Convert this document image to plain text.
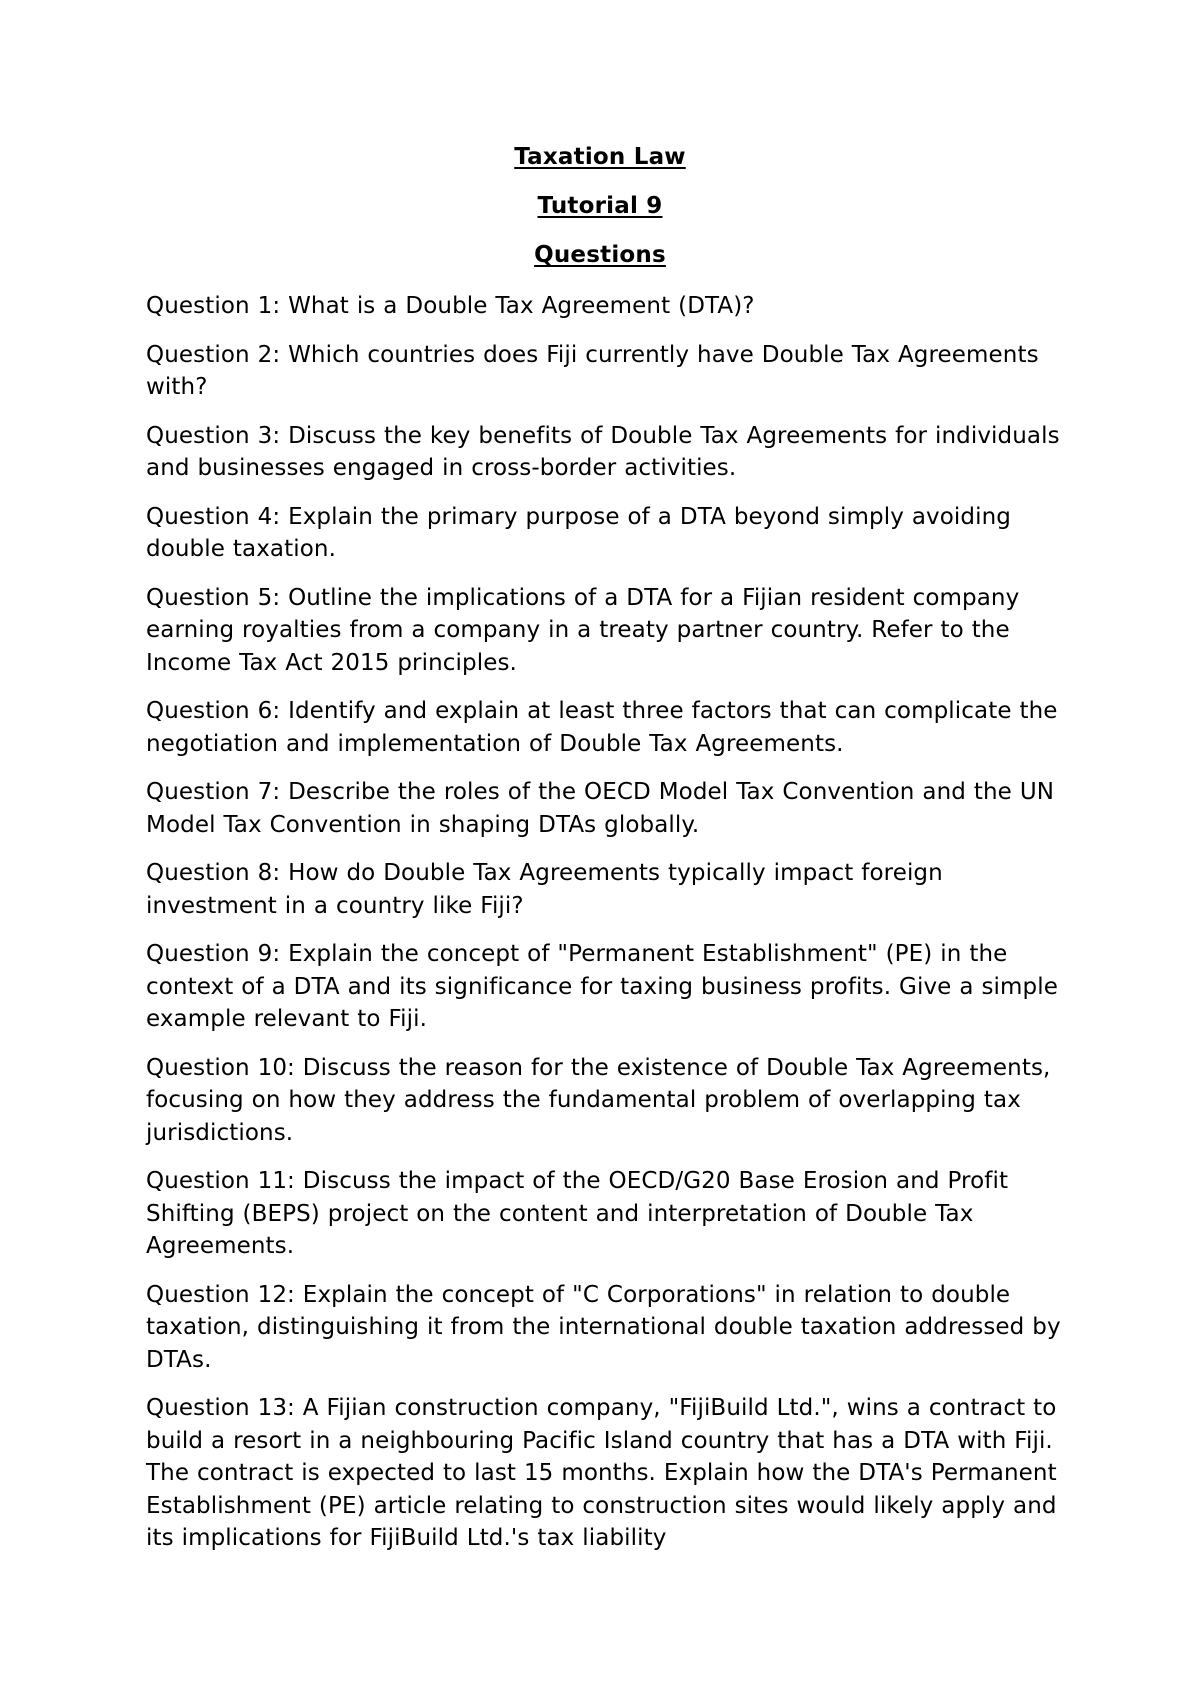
Taxation Law
Tutorial 9
Questions

Question 1: What is a Double Tax Agreement (DTA)?

Question 2: Which countries does Fiji currently have Double Tax Agreements with?

Question 3: Discuss the key benefits of Double Tax Agreements for individuals and businesses engaged in cross-border activities.

Question 4: Explain the primary purpose of a DTA beyond simply avoiding double taxation.

Question 5: Outline the implications of a DTA for a Fijian resident company earning royalties from a company in a treaty partner country. Refer to the Income Tax Act 2015 principles.

Question 6: Identify and explain at least three factors that can complicate the negotiation and implementation of Double Tax Agreements.

Question 7: Describe the roles of the OECD Model Tax Convention and the UN Model Tax Convention in shaping DTAs globally.

Question 8: How do Double Tax Agreements typically impact foreign investment in a country like Fiji?

Question 9: Explain the concept of "Permanent Establishment" (PE) in the context of a DTA and its significance for taxing business profits. Give a simple example relevant to Fiji.

Question 10: Discuss the reason for the existence of Double Tax Agreements, focusing on how they address the fundamental problem of overlapping tax jurisdictions.

Question 11: Discuss the impact of the OECD/G20 Base Erosion and Profit Shifting (BEPS) project on the content and interpretation of Double Tax Agreements.

Question 12: Explain the concept of "C Corporations" in relation to double taxation, distinguishing it from the international double taxation addressed by DTAs.

Question 13: A Fijian construction company, "FijiBuild Ltd.", wins a contract to build a resort in a neighbouring Pacific Island country that has a DTA with Fiji. The contract is expected to last 15 months. Explain how the DTA's Permanent Establishment (PE) article relating to construction sites would likely apply and its implications for FijiBuild Ltd.'s tax liability
